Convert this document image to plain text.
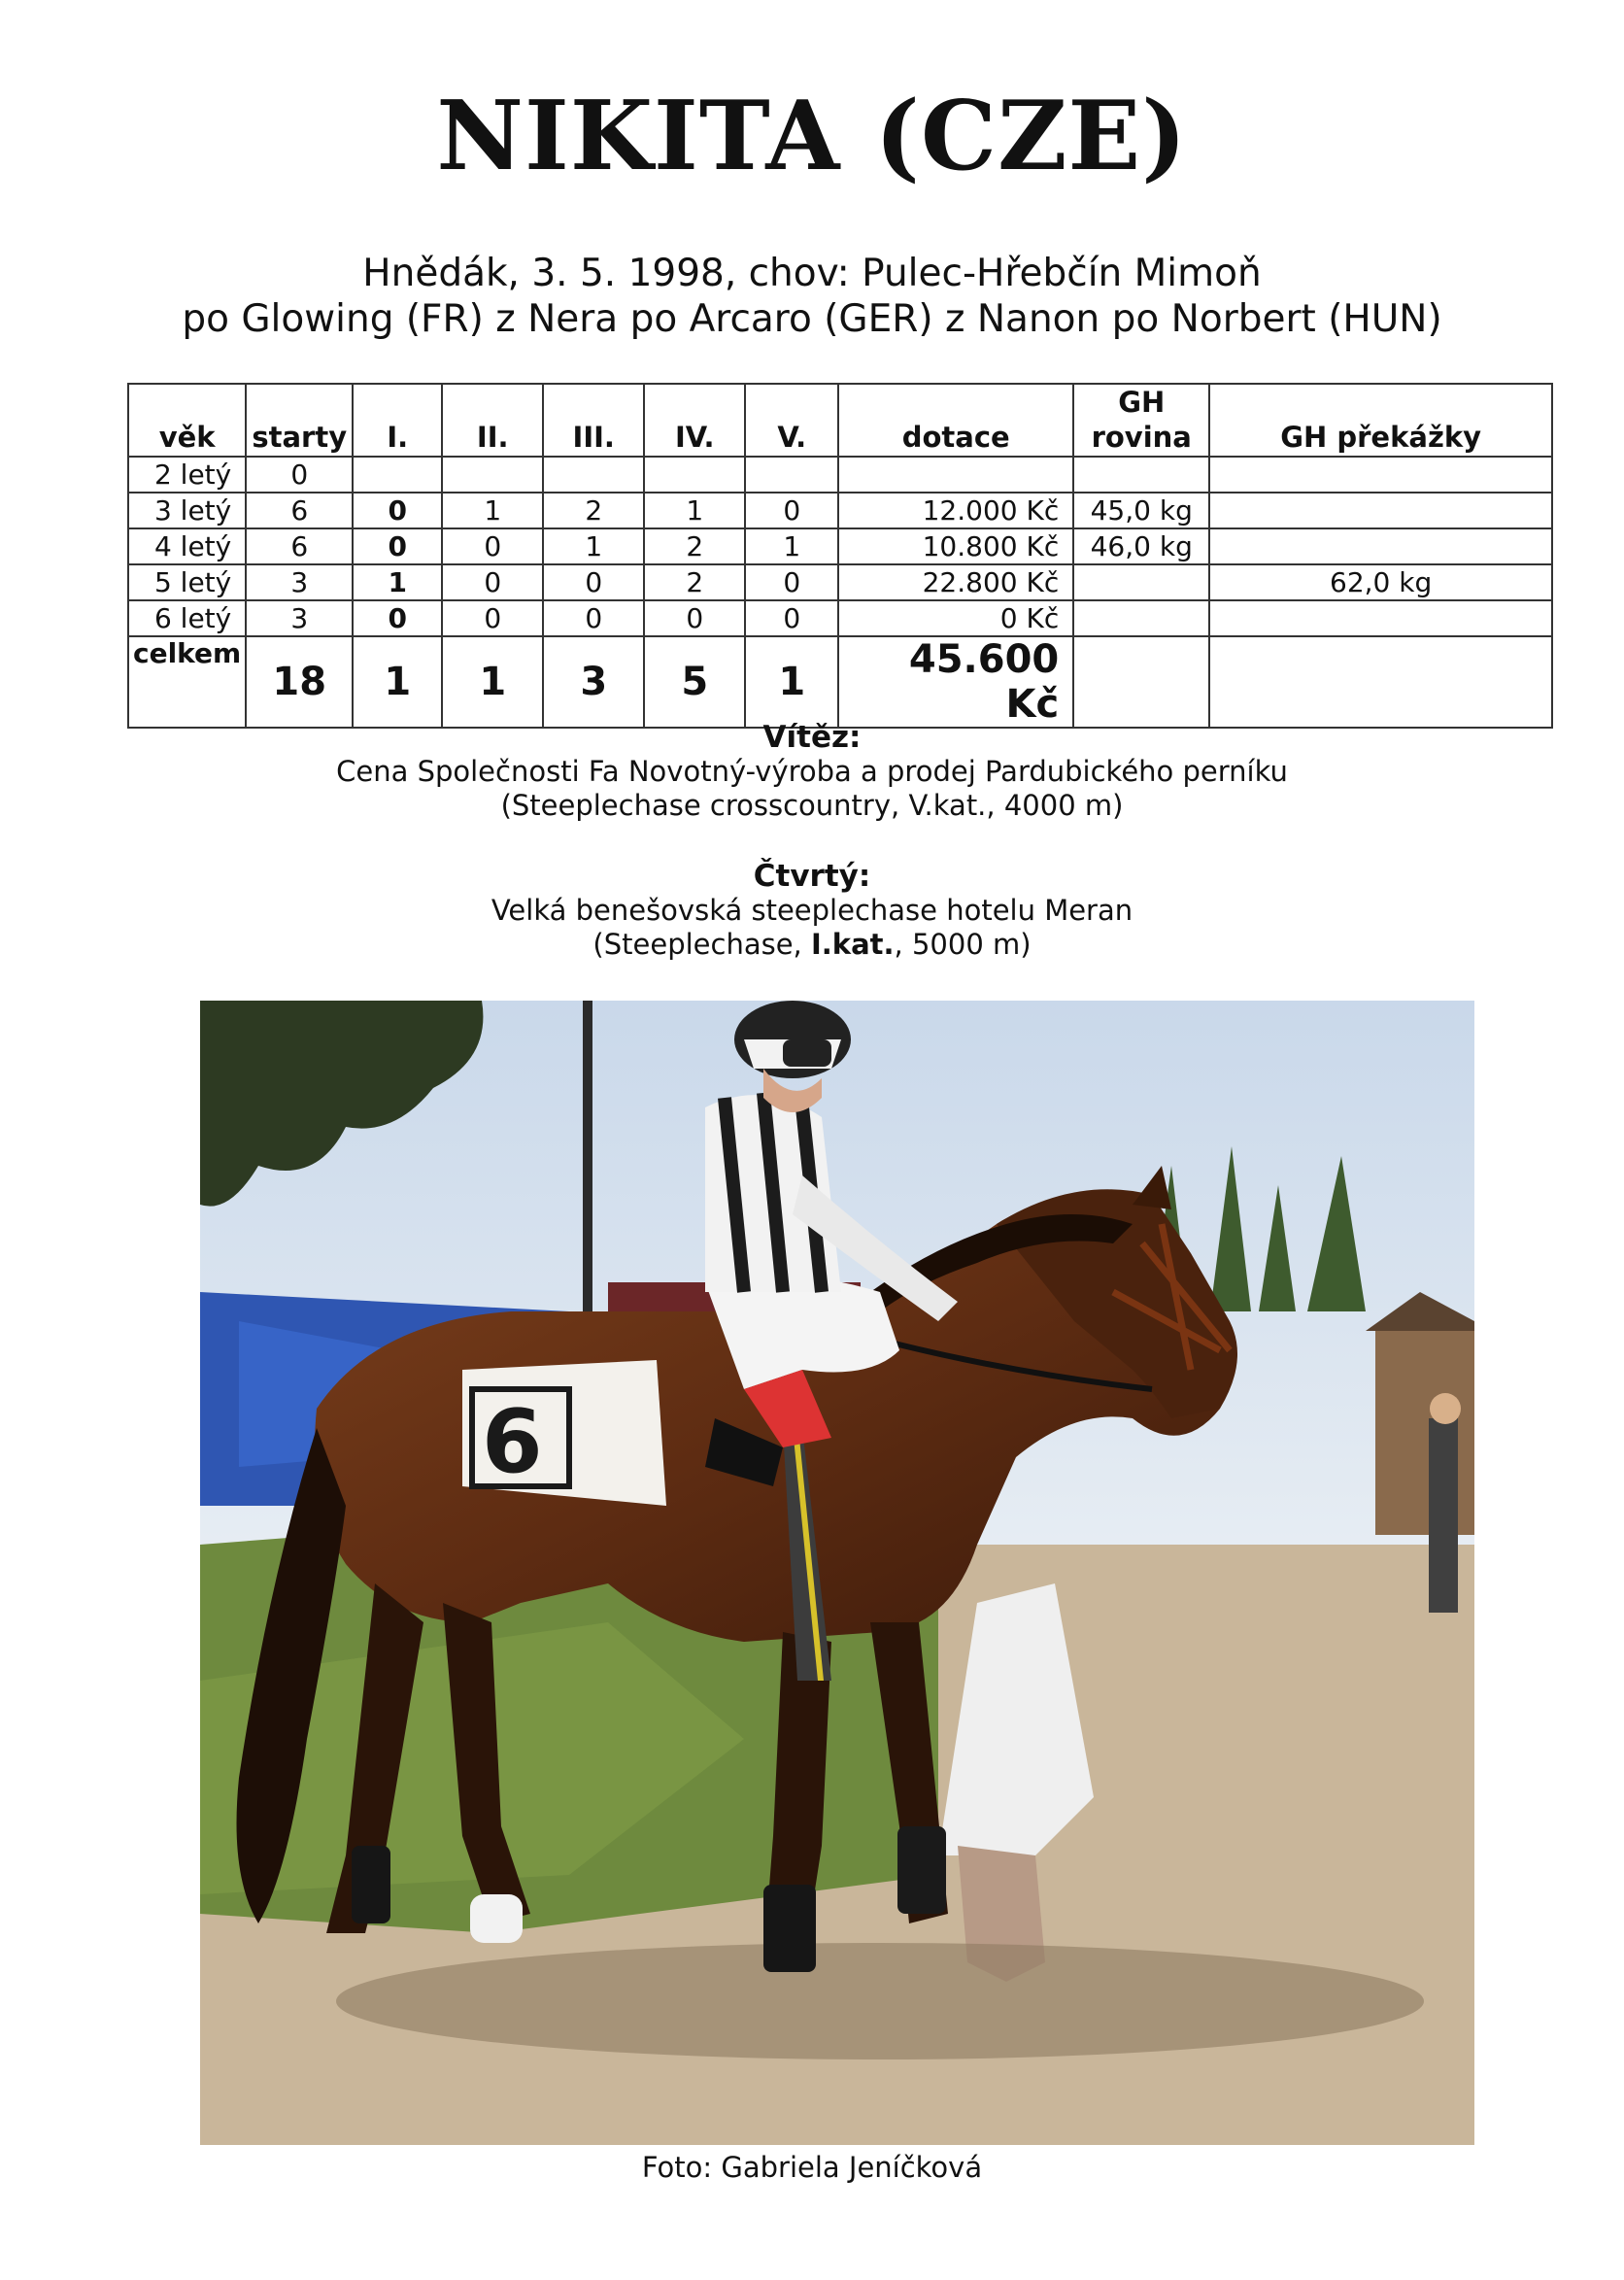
NIKITA (CZE)
Hnědák, 3. 5. 1998, chov: Pulec-Hřebčín Mimoň
po Glowing (FR) z Nera po Arcaro (GER) z Nanon po Norbert (HUN)
věk	starty	I.	II.	III.	IV.	V.	dotace	GH rovina	GH překážky
2 letý	0								
3 letý	6	0	1	2	1	0	12.000 Kč	45,0 kg	
4 letý	6	0	0	1	2	1	10.800 Kč	46,0 kg	
5 letý	3	1	0	0	2	0	22.800 Kč		62,0 kg
6 letý	3	0	0	0	0	0	0 Kč		
celkem	18	1	1	3	5	1	45.600 Kč		
Vítěz:
Cena Společnosti Fa Novotný-výroba a prodej Pardubického perníku
(Steeplechase crosscountry, V.kat., 4000 m)
Čtvrtý:
Velká benešovská steeplechase hotelu Meran
(Steeplechase, I.kat., 5000 m)
6
Foto: Gabriela Jeníčková
